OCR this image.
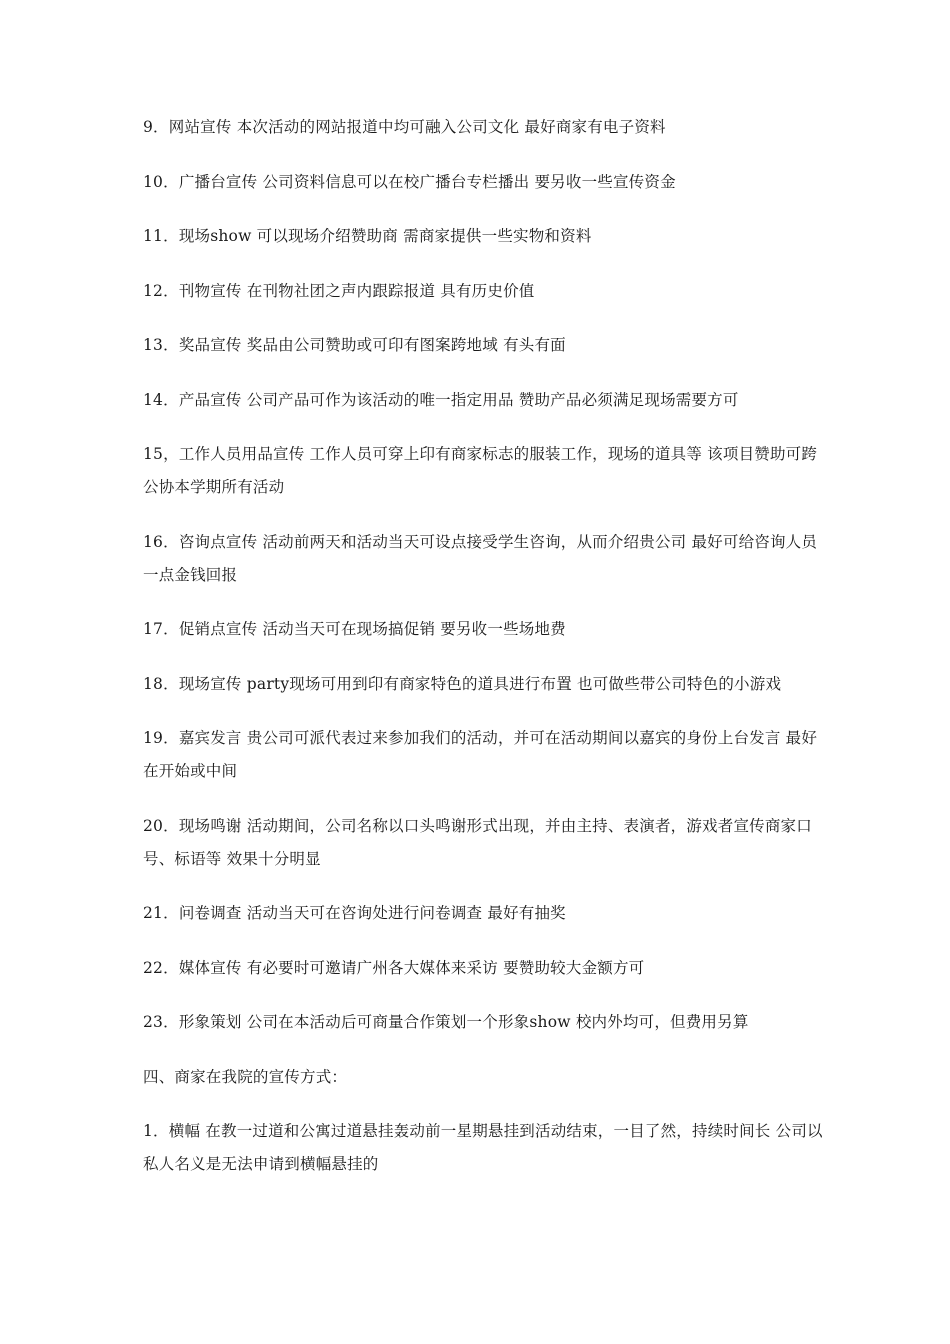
9．网站宣传 本次活动的网站报道中均可融入公司文化 最好商家有电子资料

10．广播台宣传 公司资料信息可以在校广播台专栏播出 要另收一些宣传资金

11．现场show 可以现场介绍赞助商 需商家提供一些实物和资料

12．刊物宣传 在刊物社团之声内跟踪报道 具有历史价值

13．奖品宣传 奖品由公司赞助或可印有图案跨地域 有头有面

14．产品宣传 公司产品可作为该活动的唯一指定用品 赞助产品必须满足现场需要方可

15，工作人员用品宣传 工作人员可穿上印有商家标志的服装工作，现场的道具等 该项目赞助可跨公协本学期所有活动

16．咨询点宣传 活动前两天和活动当天可设点接受学生咨询，从而介绍贵公司 最好可给咨询人员一点金钱回报

17．促销点宣传 活动当天可在现场搞促销 要另收一些场地费

18．现场宣传 party现场可用到印有商家特色的道具进行布置 也可做些带公司特色的小游戏

19．嘉宾发言 贵公司可派代表过来参加我们的活动，并可在活动期间以嘉宾的身份上台发言 最好在开始或中间

20．现场鸣谢 活动期间，公司名称以口头鸣谢形式出现，并由主持、表演者，游戏者宣传商家口号、标语等 效果十分明显

21．问卷调查 活动当天可在咨询处进行问卷调查 最好有抽奖

22．媒体宣传 有必要时可邀请广州各大媒体来采访 要赞助较大金额方可

23．形象策划 公司在本活动后可商量合作策划一个形象show 校内外均可，但费用另算

四、商家在我院的宣传方式：

1．横幅 在教一过道和公寓过道悬挂轰动前一星期悬挂到活动结束，一目了然，持续时间长 公司以私人名义是无法申请到横幅悬挂的
